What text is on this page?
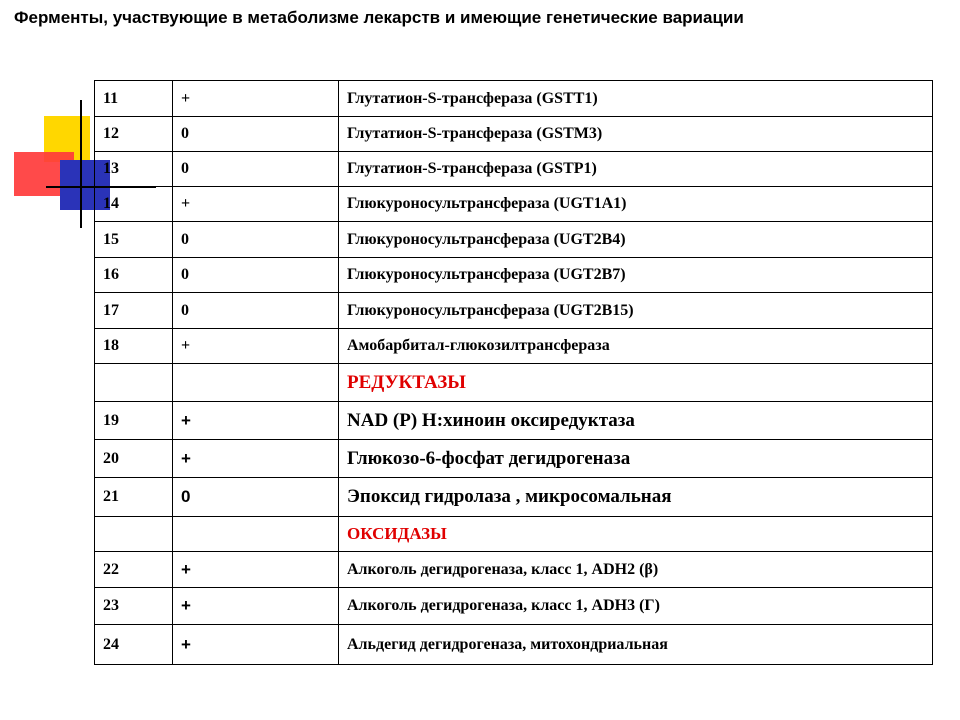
Ферменты, участвующие в метаболизме лекарств и имеющие генетические вариации
11	+	Глутатион-S-трансфераза (GSTT1)
12	0	Глутатион-S-трансфераза (GSTM3)
13	0	Глутатион-S-трансфераза (GSTP1)
14	+	Глюкуроносультрансфераза (UGT1A1)
15	0	Глюкуроносультрансфераза (UGT2B4)
16	0	Глюкуроносультрансфераза (UGT2B7)
17	0	Глюкуроносультрансфераза (UGT2B15)
18	+	Амобарбитал-глюкозилтрансфераза
		РЕДУКТАЗЫ
19	+	NAD (P) H:хиноин оксиредуктаза
20	+	Глюкозо-6-фосфат дегидрогеназа
21	0	Эпоксид гидролаза , микросомальная
		ОКСИДАЗЫ
22	+	Алкоголь дегидрогеназа, класс 1, ADH2 (β)
23	+	Алкоголь дегидрогеназа, класс 1, ADH3 (Г)
24	+	Альдегид дегидрогеназа, митохондриальная
